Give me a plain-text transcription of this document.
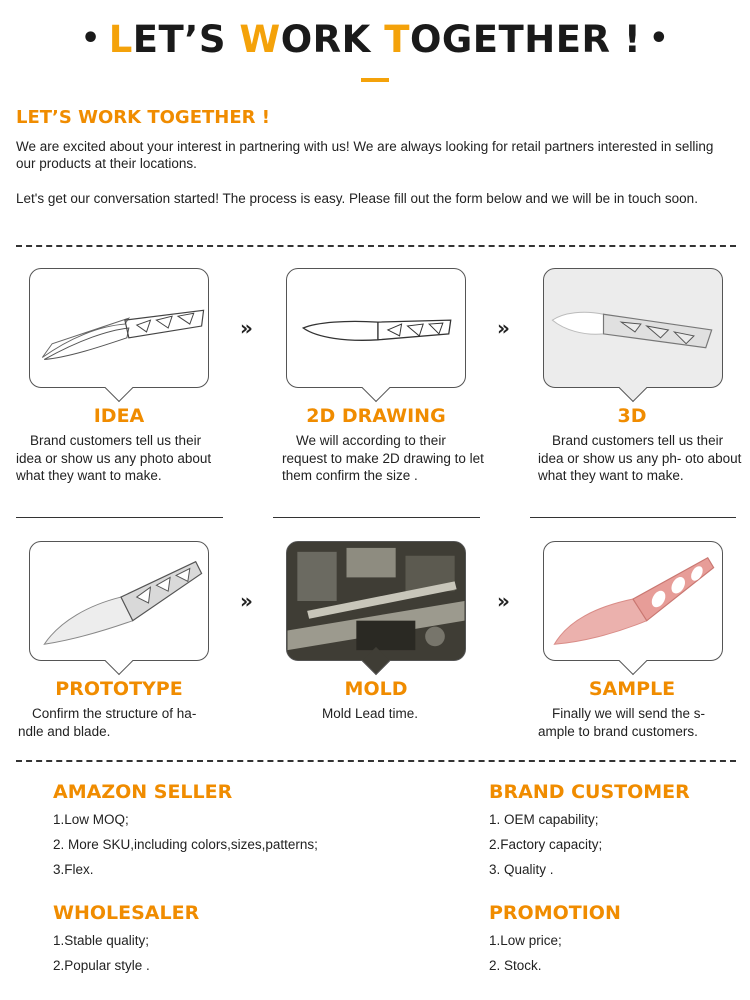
• LET’S WORK TOGETHER ! •
LET’S WORK TOGETHER !
We are excited about your interest in partnering with us! We are always looking for retail partners interested in selling our products at their locations.
Let's get our conversation started! The process is easy. Please fill out the form below and we will be in touch soon.
»	»
IDEA
Brand customers tell us their idea or show us any photo about what they want to make.
2D DRAWING
We will according to their request to make 2D drawing to let them confirm the size .
3D
Brand customers tell us their idea or show us any ph- oto about what they want to make.
»	»
PROTOTYPE
Confirm the structure of ha- ndle and blade.
MOLD
Mold Lead time.
SAMPLE
Finally we will send the s- ample to brand customers.
AMAZON SELLER
1.Low MOQ;
2. More SKU,including colors,sizes,patterns;
3.Flex.
BRAND CUSTOMER
1. OEM capability;
2.Factory capacity;
3. Quality .
WHOLESALER
1.Stable quality;
2.Popular style .
PROMOTION
1.Low price;
2. Stock.
